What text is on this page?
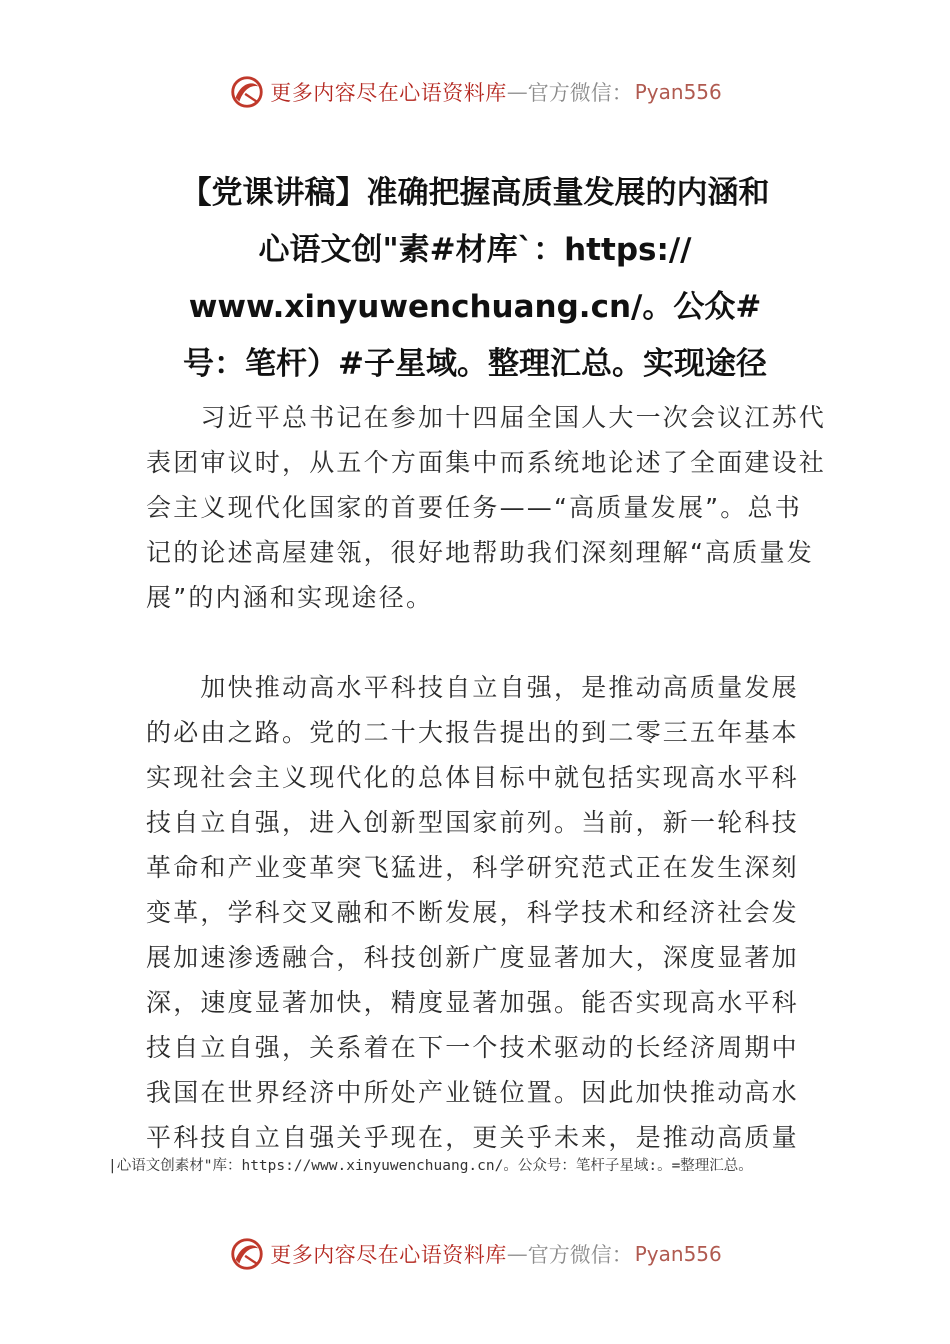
更多内容尽在心语资料库 — 官方微信： Pyan556
【党课讲稿】准确把握高质量发展的内涵和
心语文创"素#材库`：https://
www.xinyuwenchuang.cn/。公众#
号：笔杆）#子星域。整理汇总。实现途径
　　习近平总书记在参加十四届全国人大一次会议江苏代
表团审议时，从五个方面集中而系统地论述了全面建设社
会主义现代化国家的首要任务——“高质量发展”。总书
记的论述高屋建瓴，很好地帮助我们深刻理解“高质量发
展”的内涵和实现途径。
　　加快推动高水平科技自立自强，是推动高质量发展
的必由之路。党的二十大报告提出的到二零三五年基本
实现社会主义现代化的总体目标中就包括实现高水平科
技自立自强，进入创新型国家前列。当前，新一轮科技
革命和产业变革突飞猛进，科学研究范式正在发生深刻
变革，学科交叉融和不断发展，科学技术和经济社会发
展加速渗透融合，科技创新广度显著加大，深度显著加
深，速度显著加快，精度显著加强。能否实现高水平科
技自立自强，关系着在下一个技术驱动的长经济周期中
我国在世界经济中所处产业链位置。因此加快推动高水
平科技自立自强关乎现在，更关乎未来，是推动高质量
|心语文创素材"库：https://www.xinyuwenchuang.cn/。公众号：笔杆子星域:。=整理汇总。
更多内容尽在心语资料库 — 官方微信： Pyan556
